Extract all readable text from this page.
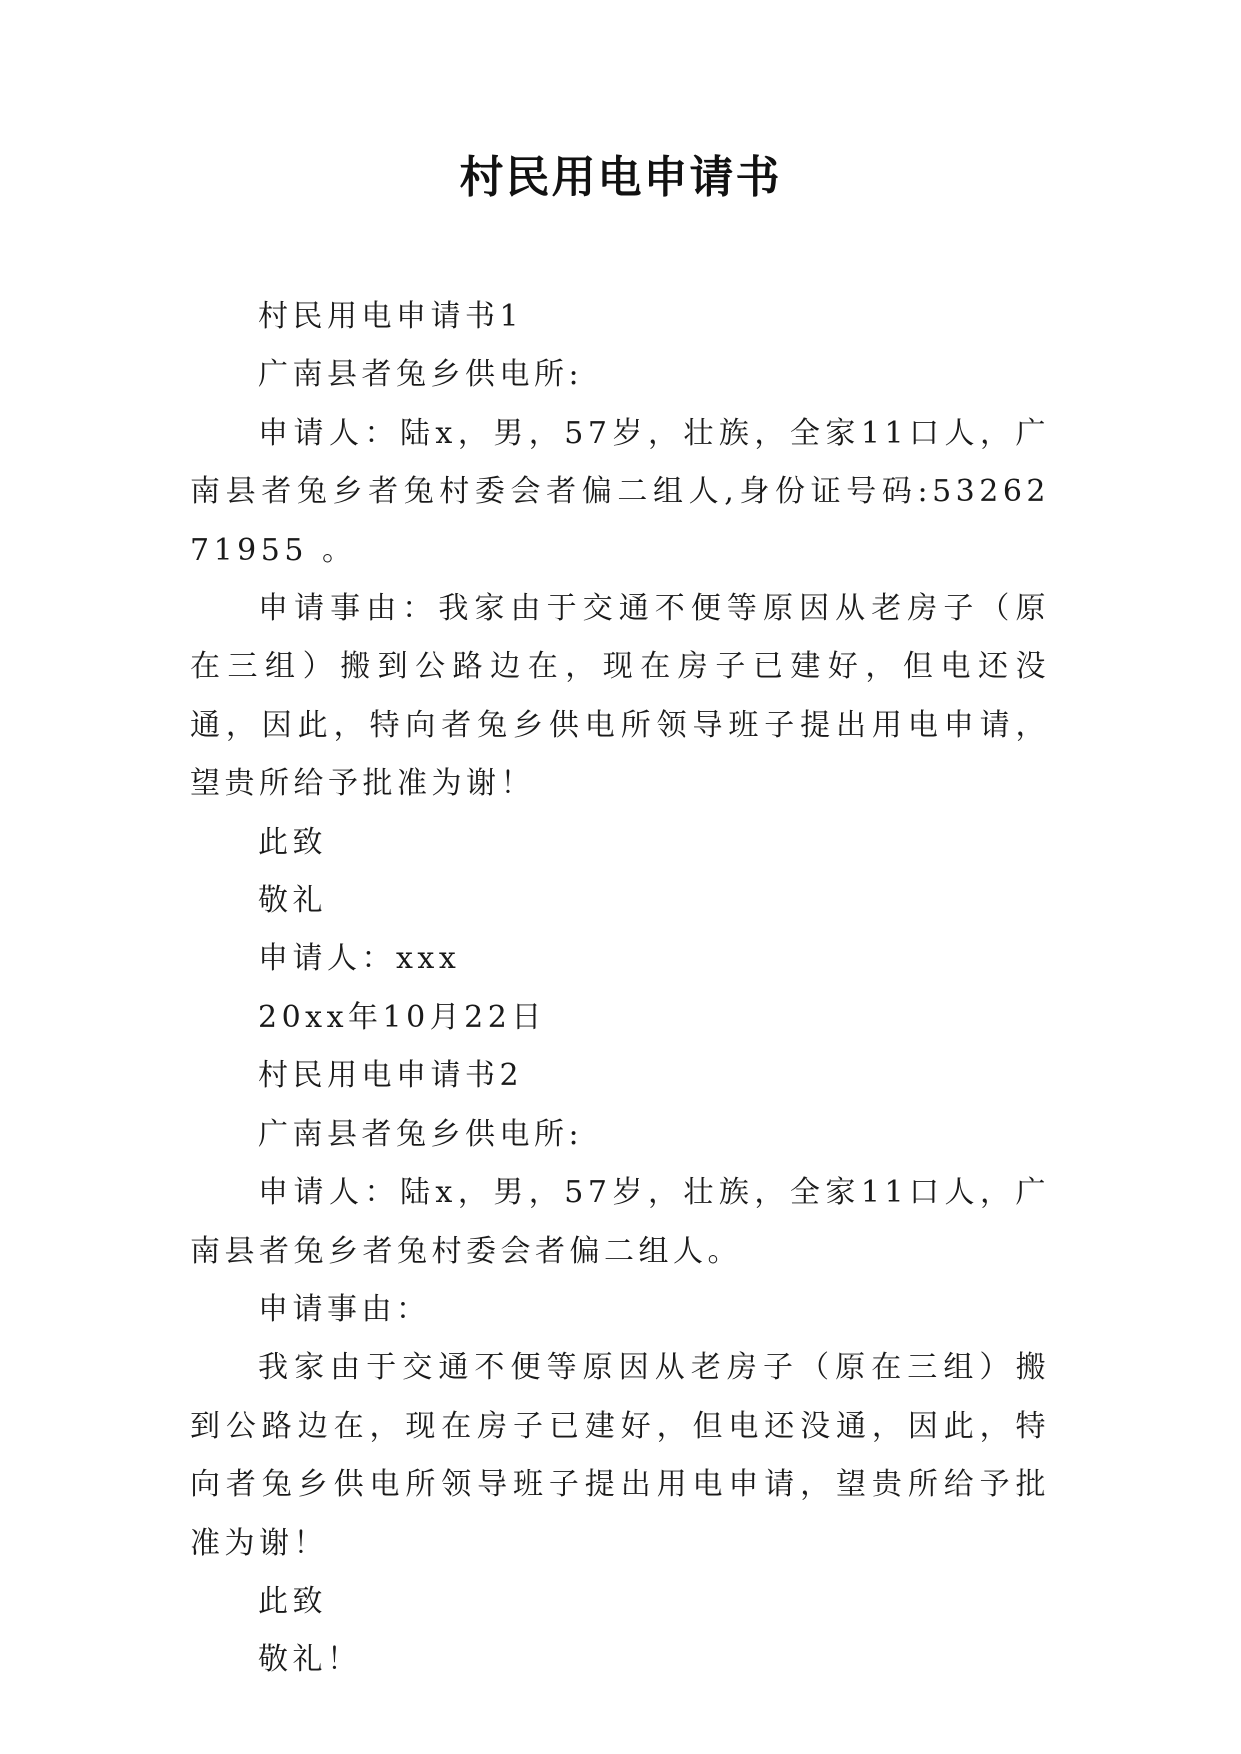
村民用电申请书

村民用电申请书1

广南县者兔乡供电所:

申请人：陆x，男，57岁，壮族，全家11口人，广南县者兔乡者兔村委会者偏二组人,身份证号码:5326271955 。

申请事由：我家由于交通不便等原因从老房子（原在三组）搬到公路边在，现在房子已建好，但电还没通，因此，特向者兔乡供电所领导班子提出用电申请，望贵所给予批准为谢！

此致

敬礼

申请人：xxx

20xx年10月22日

村民用电申请书2

广南县者兔乡供电所:

申请人：陆x，男，57岁，壮族，全家11口人，广南县者兔乡者兔村委会者偏二组人。

申请事由：

我家由于交通不便等原因从老房子（原在三组）搬到公路边在，现在房子已建好，但电还没通，因此，特向者兔乡供电所领导班子提出用电申请，望贵所给予批准为谢！

此致

敬礼！
